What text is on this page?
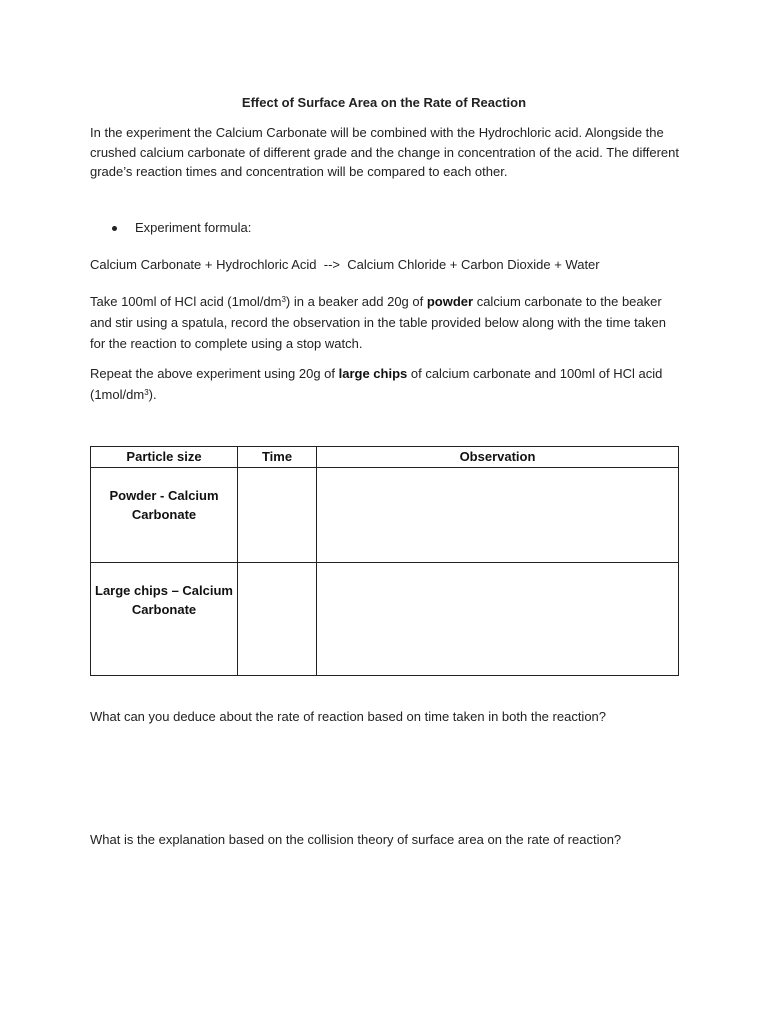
Effect of Surface Area on the Rate of Reaction

In the experiment the Calcium Carbonate will be combined with the Hydrochloric acid. Alongside the crushed calcium carbonate of different grade and the change in concentration of the acid. The different grade’s reaction times and concentration will be compared to each other.

Experiment formula:

Calcium Carbonate + Hydrochloric Acid  -->  Calcium Chloride + Carbon Dioxide + Water

Take 100ml of HCl acid $(1mol/dm^3)$ in a beaker add 20g of powder calcium carbonate to the beaker and stir using a spatula, record the observation in the table provided below along with the time taken for the reaction to complete using a stop watch.

Repeat the above experiment using 20g of large chips of calcium carbonate and 100ml of HCl acid $(1mol/dm^3)$.

Particle size	Time	Observation

Powder - Calcium Carbonate		

Large chips – Calcium Carbonate		

What can you deduce about the rate of reaction based on time taken in both the reaction?

What is the explanation based on the collision theory of surface area on the rate of reaction?
